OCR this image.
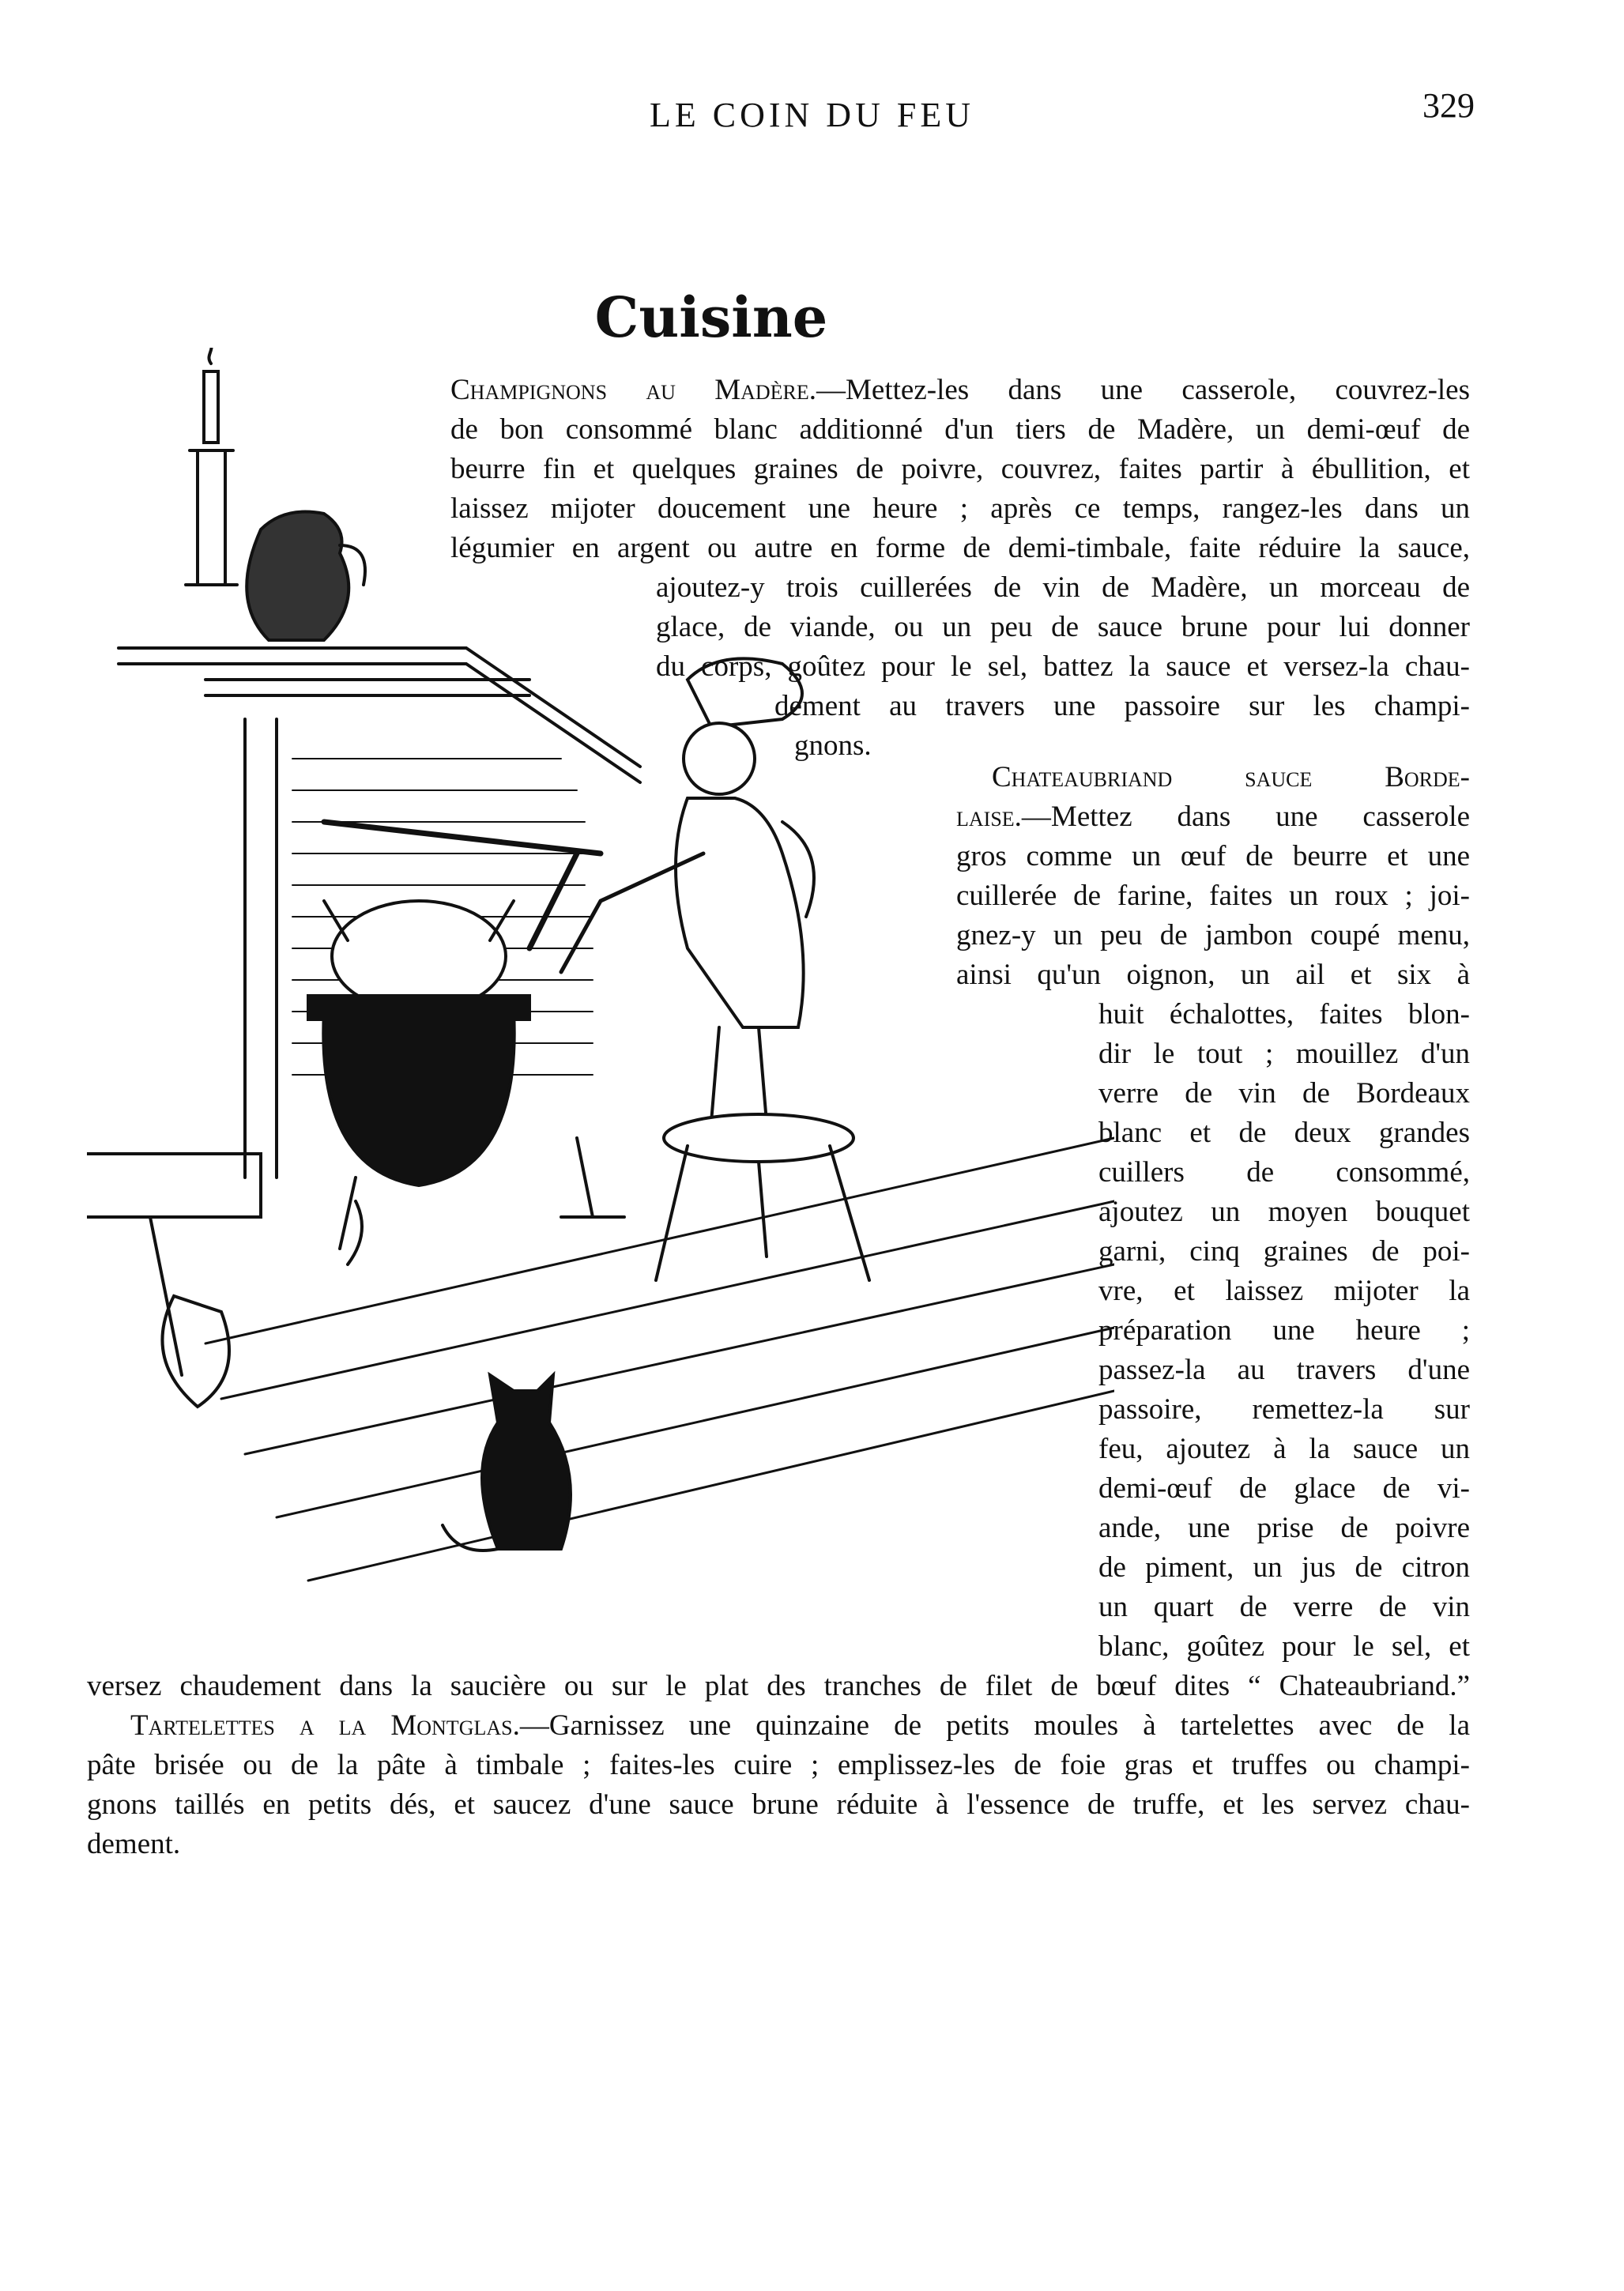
LE COIN DU FEU	329
Cuisine
Champignons au Madère.—Mettez-les dans une casserole, couvrez-les
de bon consommé blanc additionné d'un tiers de Madère, un demi-œuf de
beurre fin et quelques graines de poivre, couvrez, faites partir à ébullition, et
laissez mijoter doucement une heure ; après ce temps, rangez-les dans un
légumier en argent ou autre en forme de demi-timbale, faite réduire la sauce,
ajoutez-y trois cuillerées de vin de Madère, un morceau de
glace, de viande, ou un peu de sauce brune pour lui donner
du corps, goûtez pour le sel, battez la sauce et versez-la chau-
dement au travers une passoire sur les champi-
gnons.
Chateaubriand sauce Borde-
laise.—Mettez dans une casserole
gros comme un œuf de beurre et une
cuillerée de farine, faites un roux ; joi-
gnez-y un peu de jambon coupé menu,
ainsi qu'un oignon, un ail et six à
huit échalottes, faites blon-
dir le tout ; mouillez d'un
verre de vin de Bordeaux
blanc et de deux grandes
cuillers de consommé,
ajoutez un moyen bouquet
garni, cinq graines de poi-
vre, et laissez mijoter la
préparation une heure ;
passez-la au travers d'une
passoire, remettez-la sur
feu, ajoutez à la sauce un
demi-œuf de glace de vi-
ande, une prise de poivre
de piment, un jus de citron
un quart de verre de vin
blanc, goûtez pour le sel, et
versez chaudement dans la saucière ou sur le plat des tranches de filet de bœuf dites “ Chateaubriand.”
Tartelettes a la Montglas.—Garnissez une quinzaine de petits moules à tartelettes avec de la
pâte brisée ou de la pâte à timbale ; faites-les cuire ; emplissez-les de foie gras et truffes ou champi-
gnons taillés en petits dés, et saucez d'une sauce brune réduite à l'essence de truffe, et les servez chau-
dement.
